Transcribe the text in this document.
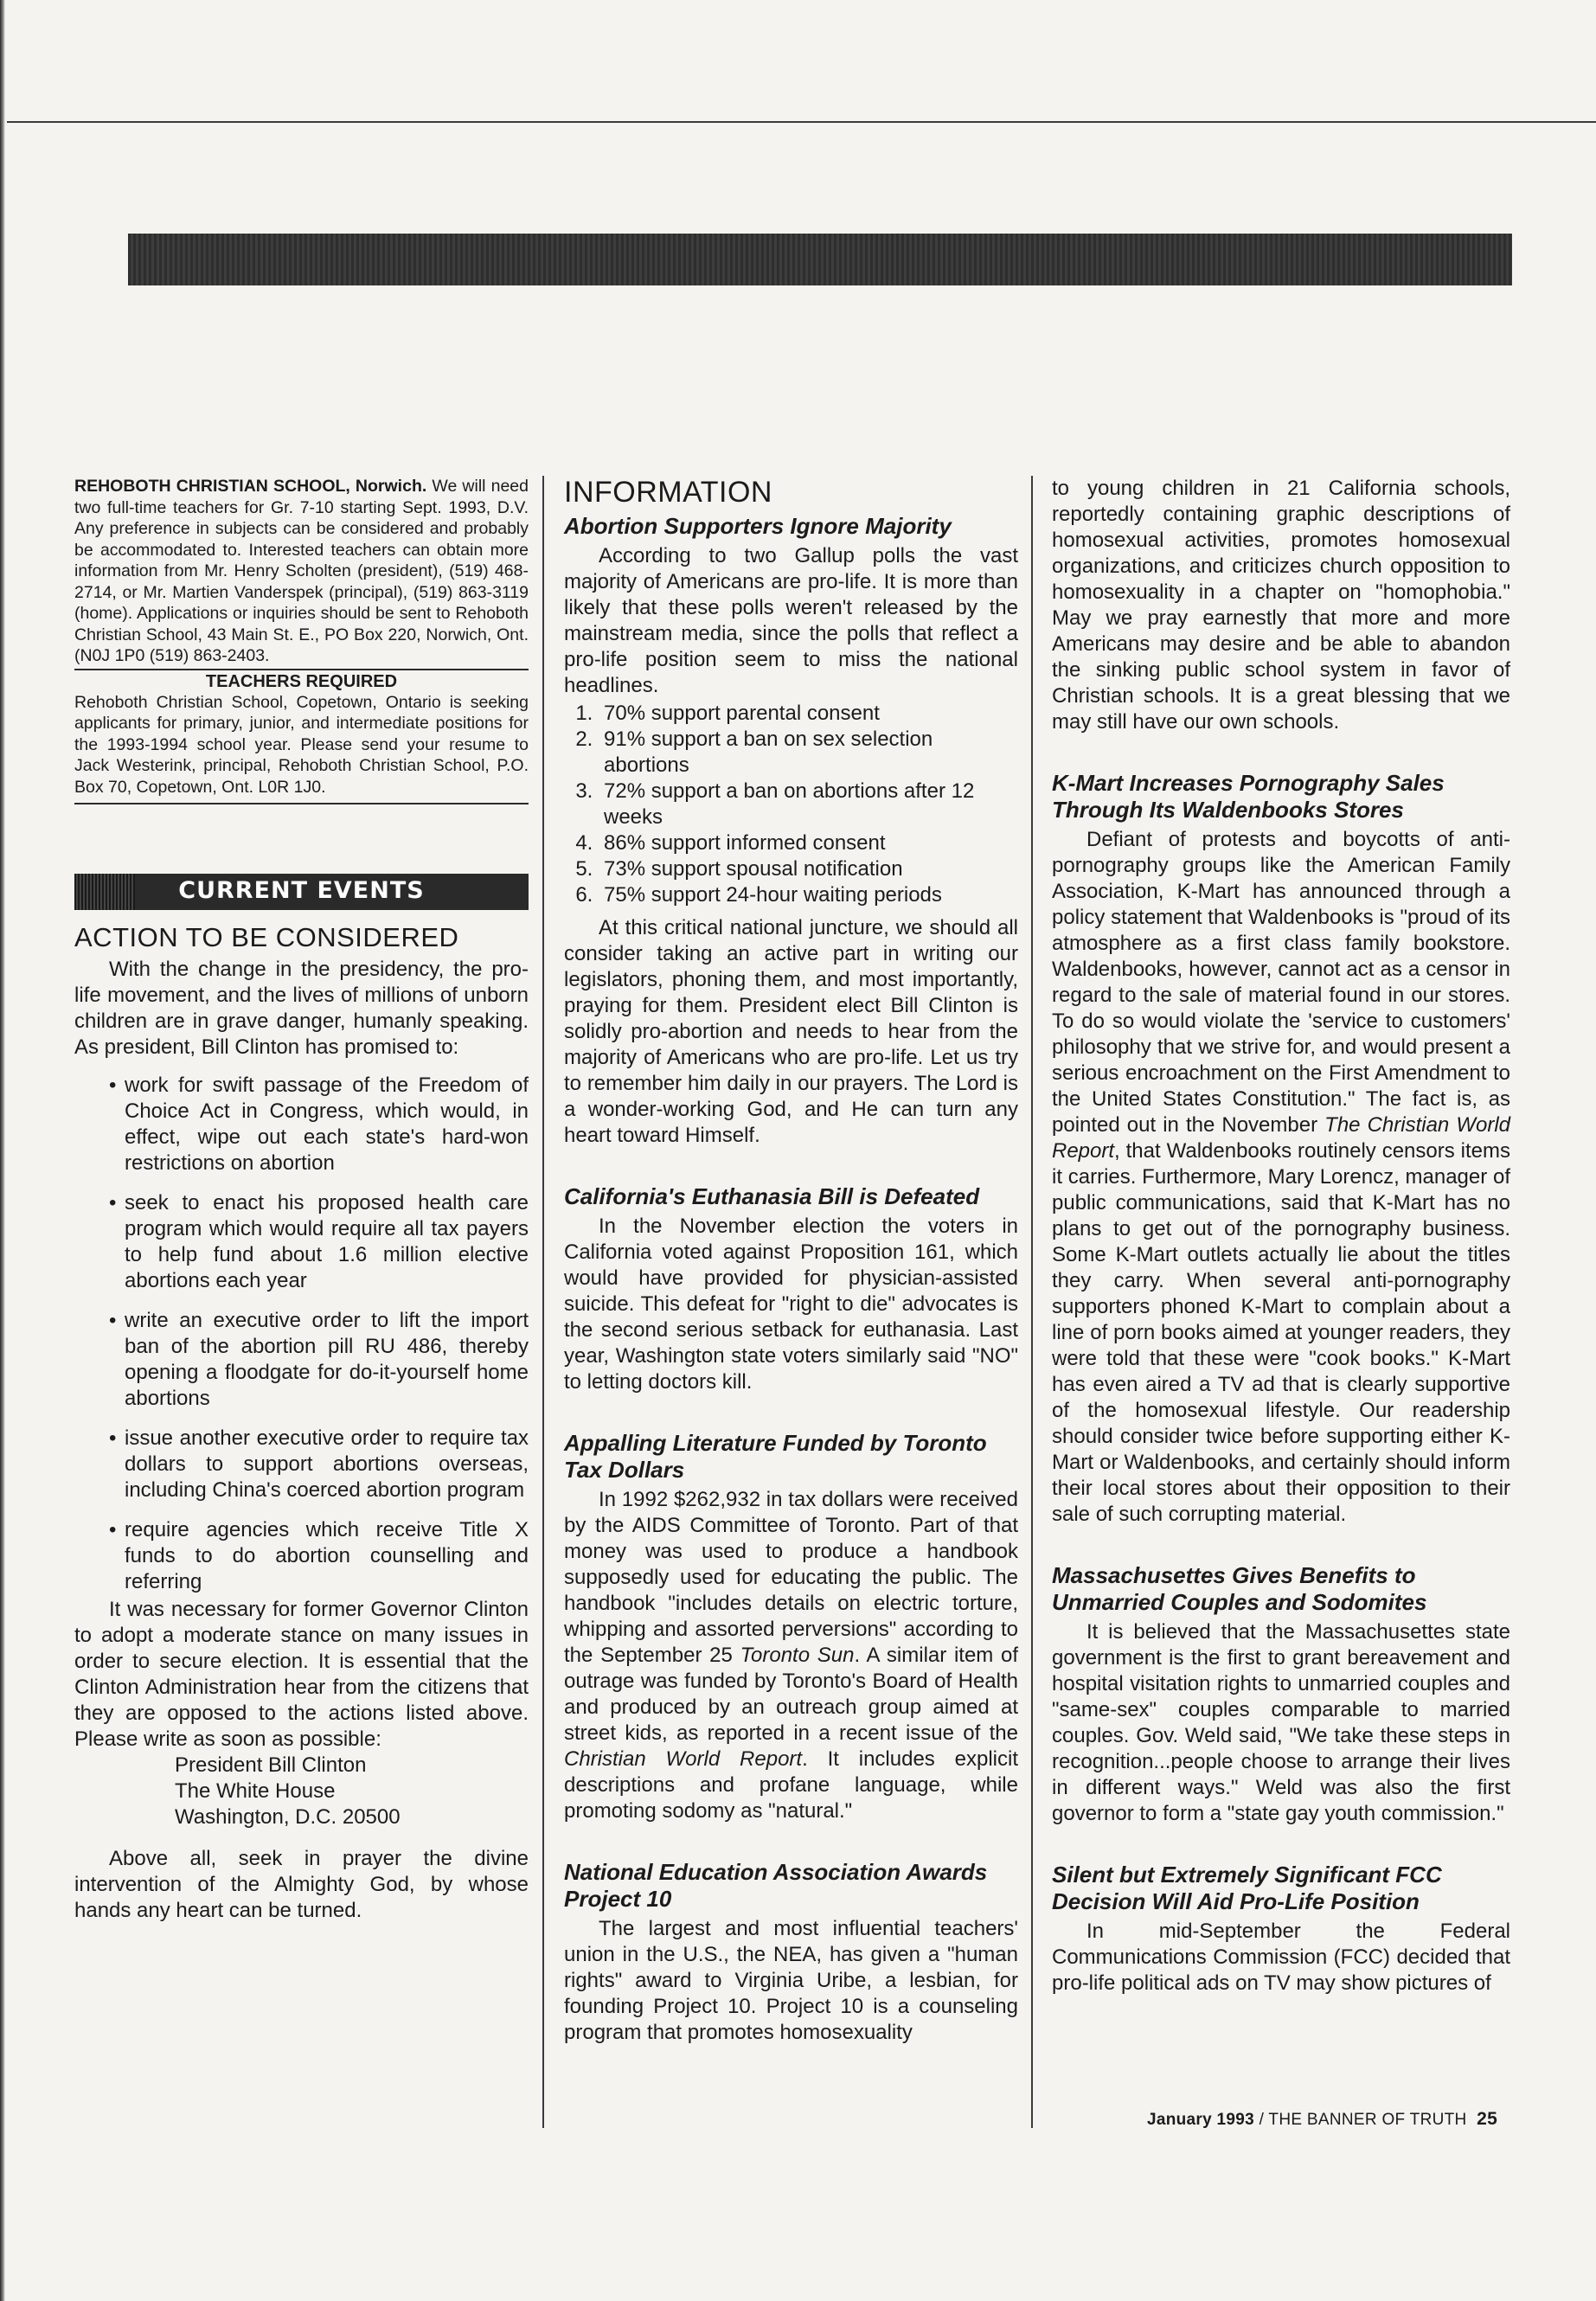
REHOBOTH CHRISTIAN SCHOOL, Norwich. We will need two full-time teachers for Gr. 7-10 starting Sept. 1993, D.V. Any preference in subjects can be considered and probably be accommodated to. Interested teachers can obtain more information from Mr. Henry Scholten (president), (519) 468-2714, or Mr. Martien Vanderspek (principal), (519) 863-3119 (home). Applications or inquiries should be sent to Rehoboth Christian School, 43 Main St. E., PO Box 220, Norwich, Ont. (N0J 1P0 (519) 863-2403.

TEACHERS REQUIRED

Rehoboth Christian School, Copetown, Ontario is seeking applicants for primary, junior, and intermediate positions for the 1993-1994 school year. Please send your resume to Jack Westerink, principal, Rehoboth Christian School, P.O. Box 70, Copetown, Ont. L0R 1J0.

CURRENT EVENTS
ACTION TO BE CONSIDERED

With the change in the presidency, the pro-life movement, and the lives of millions of unborn children are in grave danger, humanly speaking. As president, Bill Clinton has promised to:

• work for swift passage of the Freedom of Choice Act in Congress, which would, in effect, wipe out each state's hard-won restrictions on abortion
• seek to enact his proposed health care program which would require all tax payers to help fund about 1.6 million elective abortions each year
• write an executive order to lift the import ban of the abortion pill RU 486, thereby opening a floodgate for do-it-yourself home abortions
• issue another executive order to require tax dollars to support abortions overseas, including China's coerced abortion program
• require agencies which receive Title X funds to do abortion counselling and referring

It was necessary for former Governor Clinton to adopt a moderate stance on many issues in order to secure election. It is essential that the Clinton Administration hear from the citizens that they are opposed to the actions listed above. Please write as soon as possible:

President Bill Clinton
The White House
Washington, D.C. 20500

Above all, seek in prayer the divine intervention of the Almighty God, by whose hands any heart can be turned.

INFORMATION
Abortion Supporters Ignore Majority

According to two Gallup polls the vast majority of Americans are pro-life. It is more than likely that these polls weren't released by the mainstream media, since the polls that reflect a pro-life position seem to miss the national headlines.

1. 70% support parental consent
2. 91% support a ban on sex selection abortions
3. 72% support a ban on abortions after 12 weeks
4. 86% support informed consent
5. 73% support spousal notification
6. 75% support 24-hour waiting periods

At this critical national juncture, we should all consider taking an active part in writing our legislators, phoning them, and most importantly, praying for them. President elect Bill Clinton is solidly pro-abortion and needs to hear from the majority of Americans who are pro-life. Let us try to remember him daily in our prayers. The Lord is a wonder-working God, and He can turn any heart toward Himself.

California's Euthanasia Bill is Defeated

In the November election the voters in California voted against Proposition 161, which would have provided for physician-assisted suicide. This defeat for "right to die" advocates is the second serious setback for euthanasia. Last year, Washington state voters similarly said "NO" to letting doctors kill.

Appalling Literature Funded by Toronto Tax Dollars

In 1992 $262,932 in tax dollars were received by the AIDS Committee of Toronto. Part of that money was used to produce a handbook supposedly used for educating the public. The handbook "includes details on electric torture, whipping and assorted perversions" according to the September 25 Toronto Sun. A similar item of outrage was funded by Toronto's Board of Health and produced by an outreach group aimed at street kids, as reported in a recent issue of the Christian World Report. It includes explicit descriptions and profane language, while promoting sodomy as "natural."

National Education Association Awards Project 10

The largest and most influential teachers' union in the U.S., the NEA, has given a "human rights" award to Virginia Uribe, a lesbian, for founding Project 10. Project 10 is a counseling program that promotes homosexuality

to young children in 21 California schools, reportedly containing graphic descriptions of homosexual activities, promotes homosexual organizations, and criticizes church opposition to homosexuality in a chapter on "homophobia." May we pray earnestly that more and more Americans may desire and be able to abandon the sinking public school system in favor of Christian schools. It is a great blessing that we may still have our own schools.

K-Mart Increases Pornography Sales Through Its Waldenbooks Stores

Defiant of protests and boycotts of anti-pornography groups like the American Family Association, K-Mart has announced through a policy statement that Waldenbooks is "proud of its atmosphere as a first class family bookstore. Waldenbooks, however, cannot act as a censor in regard to the sale of material found in our stores. To do so would violate the 'service to customers' philosophy that we strive for, and would present a serious encroachment on the First Amendment to the United States Constitution." The fact is, as pointed out in the November The Christian World Report, that Waldenbooks routinely censors items it carries. Furthermore, Mary Lorencz, manager of public communications, said that K-Mart has no plans to get out of the pornography business. Some K-Mart outlets actually lie about the titles they carry. When several anti-pornography supporters phoned K-Mart to complain about a line of porn books aimed at younger readers, they were told that these were "cook books." K-Mart has even aired a TV ad that is clearly supportive of the homosexual lifestyle. Our readership should consider twice before supporting either K-Mart or Waldenbooks, and certainly should inform their local stores about their opposition to their sale of such corrupting material.

Massachusettes Gives Benefits to Unmarried Couples and Sodomites

It is believed that the Massachusettes state government is the first to grant bereavement and hospital visitation rights to unmarried couples and "same-sex" couples comparable to married couples. Gov. Weld said, "We take these steps in recognition...people choose to arrange their lives in different ways." Weld was also the first governor to form a "state gay youth commission."

Silent but Extremely Significant FCC Decision Will Aid Pro-Life Position

In mid-September the Federal Communications Commission (FCC) decided that pro-life political ads on TV may show pictures of

January 1993 / THE BANNER OF TRUTH 25
